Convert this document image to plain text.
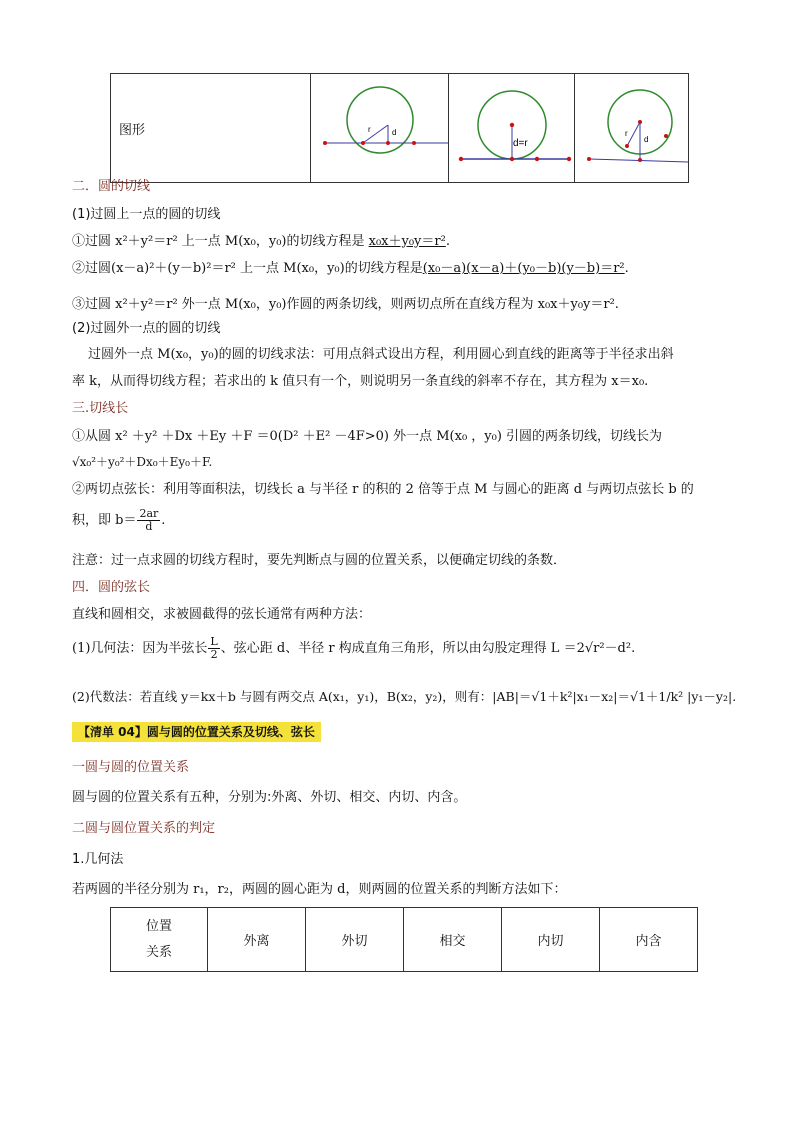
图形	r	d

d=r

r
d
二．圆的切线
(1)过圆上一点的圆的切线
①过圆 x²＋y²＝r² 上一点 M(x₀，y₀)的切线方程是 x₀x＋y₀y＝r².
②过圆(x－a)²＋(y－b)²＝r² 上一点 M(x₀，y₀)的切线方程是(x₀－a)(x－a)＋(y₀－b)(y－b)＝r².
③过圆 x²＋y²＝r² 外一点 M(x₀，y₀)作圆的两条切线，则两切点所在直线方程为 x₀x＋y₀y＝r².
(2)过圆外一点的圆的切线
过圆外一点 M(x₀，y₀)的圆的切线求法：可用点斜式设出方程，利用圆心到直线的距离等于半径求出斜
率 k，从而得切线方程；若求出的 k 值只有一个，则说明另一条直线的斜率不存在，其方程为 x＝x₀.
三.切线长
①从圆 x² ＋y² ＋Dx ＋Ey ＋F ＝0(D² ＋E² －4F>0) 外一点 M(x₀ ，y₀) 引圆的两条切线，切线长为
√x₀²＋y₀²＋Dx₀＋Ey₀＋F.
②两切点弦长：利用等面积法，切线长 a 与半径 r 的积的 2 倍等于点 M 与圆心的距离 d 与两切点弦长 b 的
积，即 $b= \frac{2ar}{d}$ .
注意：过一点求圆的切线方程时，要先判断点与圆的位置关系，以便确定切线的条数．
四．圆的弦长
直线和圆相交，求被圆截得的弦长通常有两种方法：
(1)几何法：因为半弦长 $\frac{L}{2}$ 、弦心距 d、半径 r 构成直角三角形，所以由勾股定理得 L ＝2√r²－d².
(2)代数法：若直线 y＝kx＋b 与圆有两交点 A(x₁，y₁)，B(x₂，y₂)，则有：|AB|＝√1＋k²|x₁－x₂|＝√1＋1/k² |y₁－y₂|.
【清单 04】圆与圆的位置关系及切线、弦长
一圆与圆的位置关系
圆与圆的位置关系有五种，分别为:外离、外切、相交、内切、内含。
二圆与圆位置关系的判定
1.几何法
若两圆的半径分别为 r₁，r₂，两圆的圆心距为 d，则两圆的位置关系的判断方法如下：
位置
关系	外离	外切	相交	内切	内含
